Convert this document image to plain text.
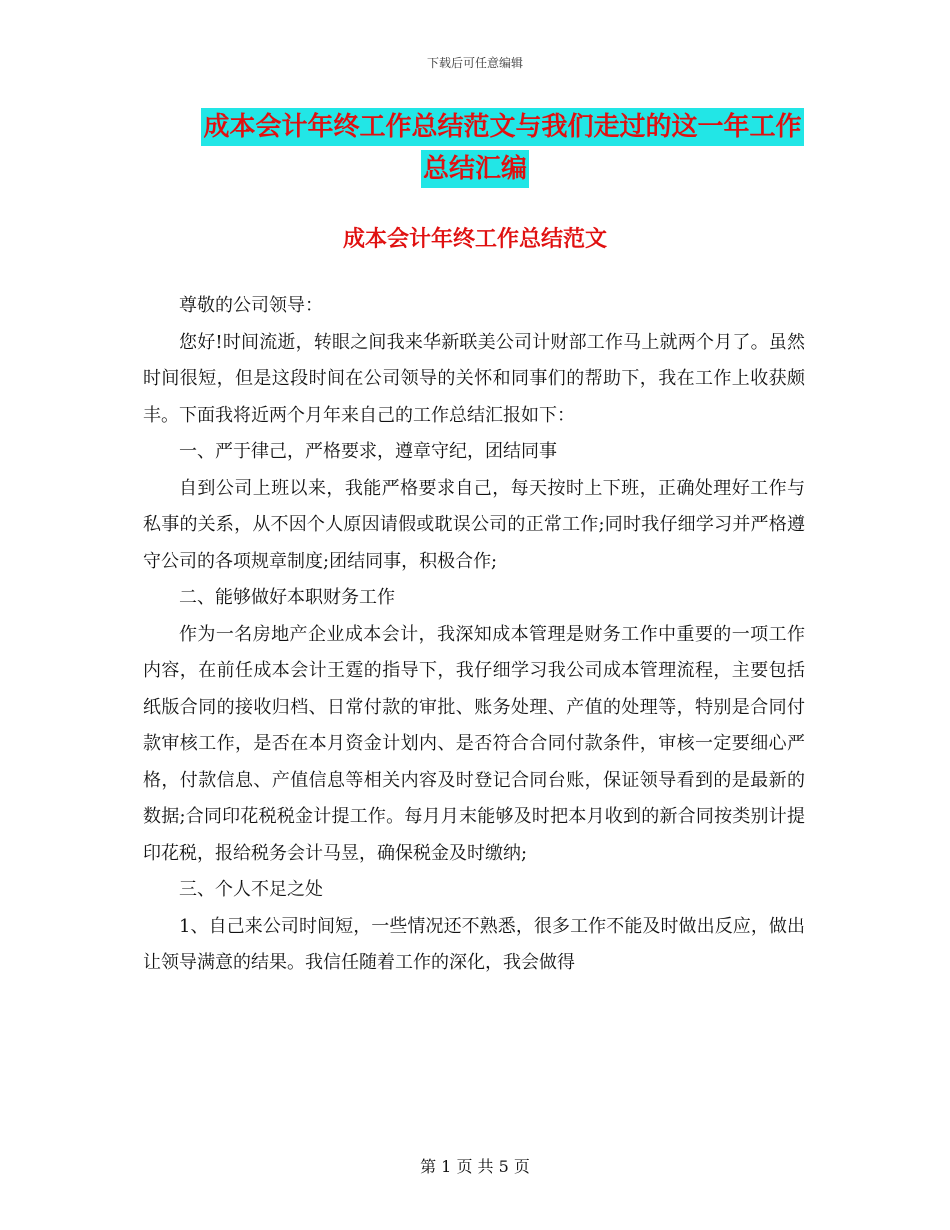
下载后可任意编辑
成本会计年终工作总结范文与我们走过的这一年工作
总结汇编
成本会计年终工作总结范文

尊敬的公司领导：

您好!时间流逝，转眼之间我来华新联美公司计财部工作马上就两个月了。虽然时间很短，但是这段时间在公司领导的关怀和同事们的帮助下，我在工作上收获颇丰。下面我将近两个月年来自己的工作总结汇报如下：

一、严于律己，严格要求，遵章守纪，团结同事

自到公司上班以来，我能严格要求自己，每天按时上下班，正确处理好工作与私事的关系，从不因个人原因请假或耽误公司的正常工作;同时我仔细学习并严格遵守公司的各项规章制度;团结同事，积极合作;

二、能够做好本职财务工作

作为一名房地产企业成本会计，我深知成本管理是财务工作中重要的一项工作内容，在前任成本会计王霆的指导下，我仔细学习我公司成本管理流程，主要包括纸版合同的接收归档、日常付款的审批、账务处理、产值的处理等，特别是合同付款审核工作，是否在本月资金计划内、是否符合合同付款条件，审核一定要细心严格，付款信息、产值信息等相关内容及时登记合同台账，保证领导看到的是最新的数据;合同印花税税金计提工作。每月月末能够及时把本月收到的新合同按类别计提印花税，报给税务会计马昱，确保税金及时缴纳;

三、个人不足之处

1、自己来公司时间短，一些情况还不熟悉，很多工作不能及时做出反应，做出让领导满意的结果。我信任随着工作的深化，我会做得

第 1 页 共 5 页
